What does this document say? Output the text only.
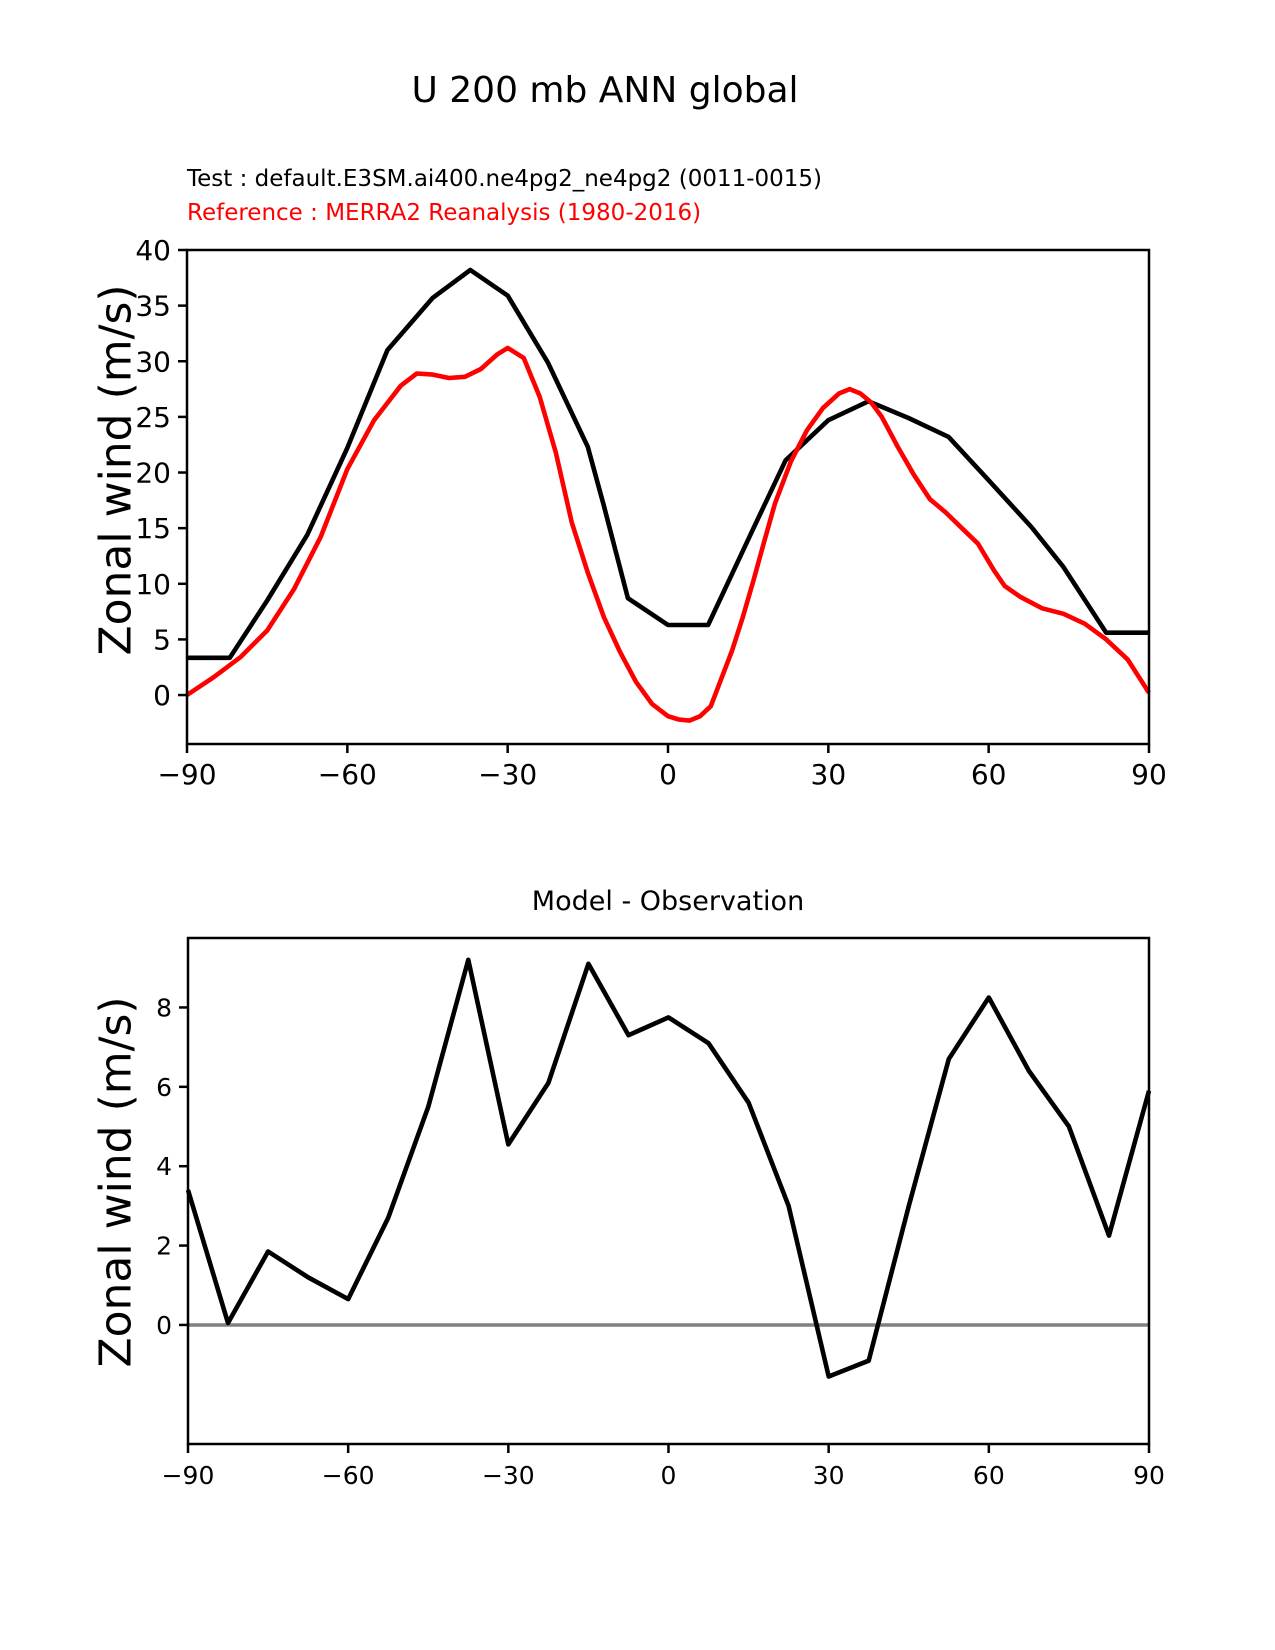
U 200 mb ANN global
Test : default.E3SM.ai400.ne4pg2_ne4pg2 (0011-0015)
Reference : MERRA2 Reanalysis (1980-2016)
Zonal wind (m/s)
−90	−60	−30	0	30	60	90
0
5
10
15
20
25
30
35
40
Model - Observation
Zonal wind (m/s)
−90	−60	−30	0	30	60	90
0
2
4
6
8
